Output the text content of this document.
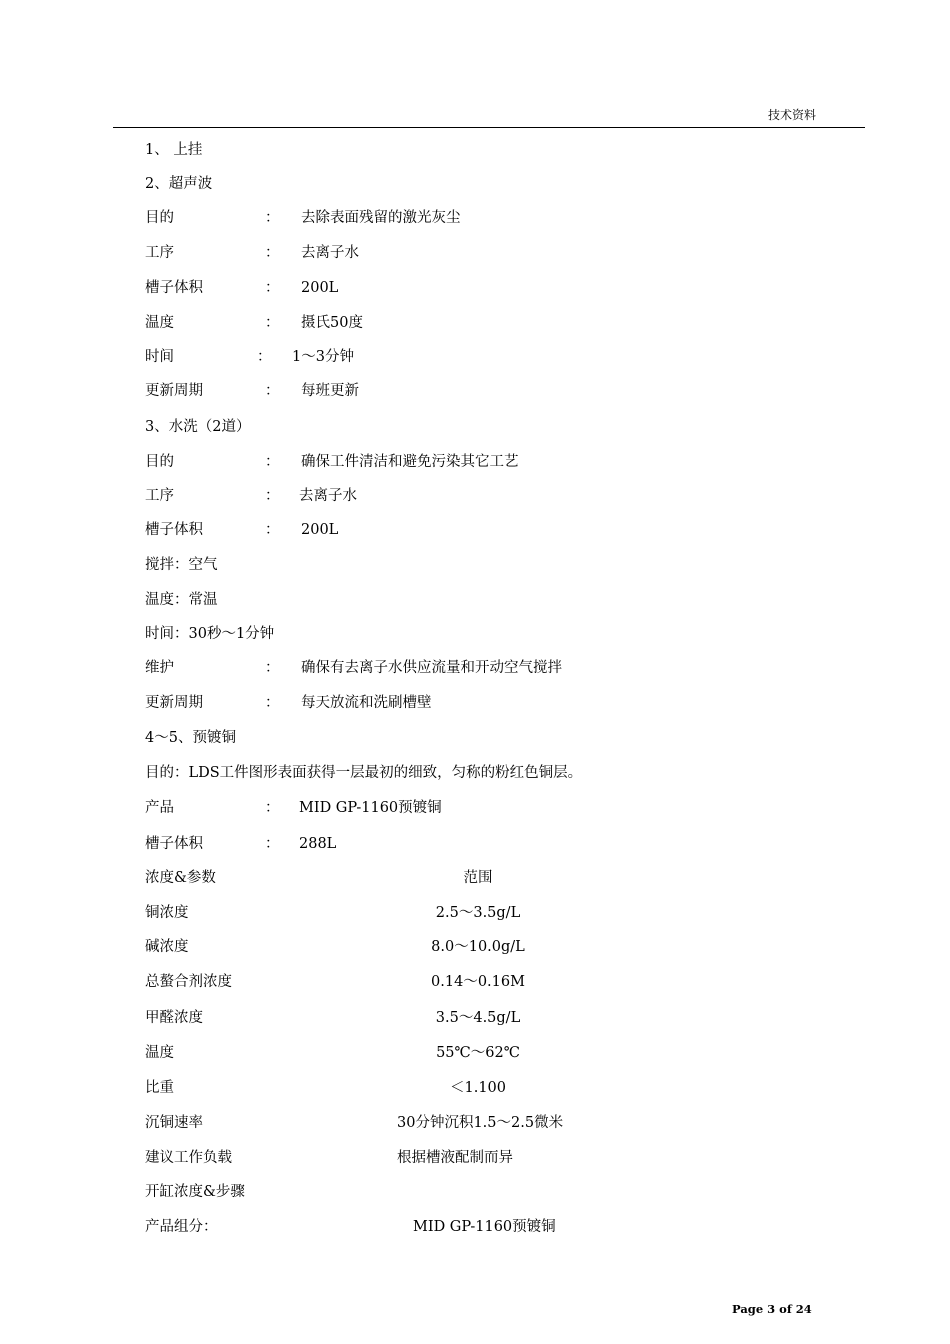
技术资料
1、 上挂
2、超声波
目的	： 去除表面残留的激光灰尘
工序	： 去离子水
槽子体积	： 200L
温度	： 摄氏50度
时间	： 1～3分钟
更新周期	： 每班更新
3、水洗（2道）
目的	： 确保工件清洁和避免污染其它工艺
工序	： 去离子水
槽子体积	： 200L
搅拌：空气
温度：常温
时间：30秒～1分钟
维护	： 确保有去离子水供应流量和开动空气搅拌
更新周期	： 每天放流和洗刷槽壁
4～5、预镀铜
目的：LDS工件图形表面获得一层最初的细致，匀称的粉红色铜层。
产品	： MID GP-1160预镀铜
槽子体积	： 288L
浓度&参数	范围
铜浓度	2.5～3.5g/L
碱浓度	8.0～10.0g/L
总螯合剂浓度	0.14～0.16M
甲醛浓度	3.5～4.5g/L
温度	55℃～62℃
比重	＜1.100
沉铜速率	30分钟沉积1.5～2.5微米
建议工作负载	根据槽液配制而异
开缸浓度&步骤
产品组分：	MID GP-1160预镀铜
Page 3 of 24
